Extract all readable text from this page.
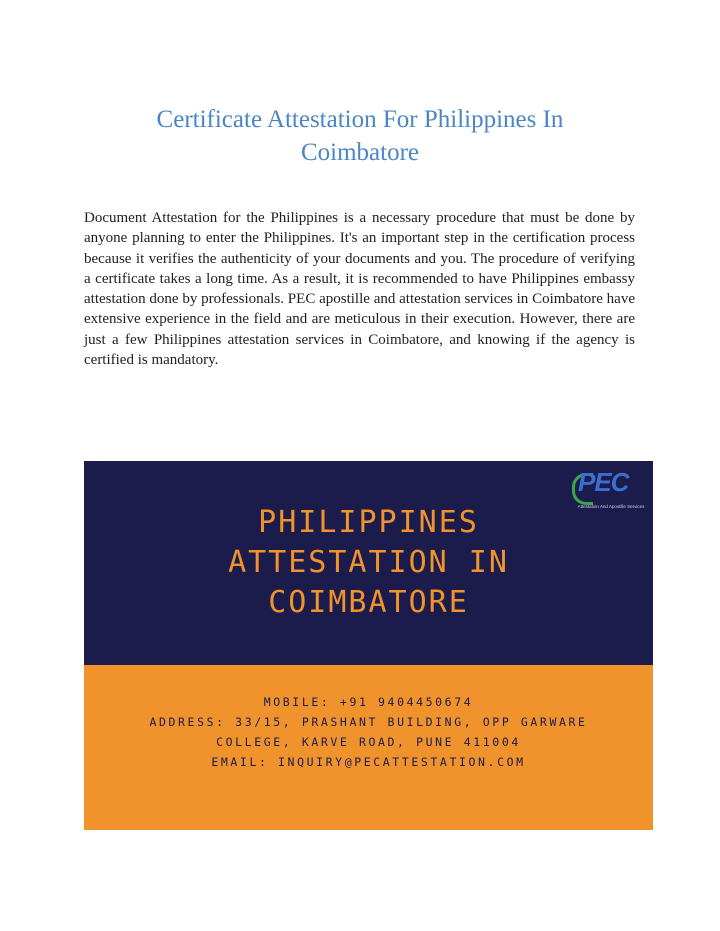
Certificate Attestation For Philippines In
Coimbatore

Document Attestation for the Philippines is a necessary procedure that must be done by anyone planning to enter the Philippines. It's an important step in the certification process because it verifies the authenticity of your documents and you. The procedure of verifying a certificate takes a long time. As a result, it is recommended to have Philippines embassy attestation done by professionals. PEC apostille and attestation services in Coimbatore have extensive experience in the field and are meticulous in their execution. However, there are just a few Philippines attestation services in Coimbatore, and knowing if the agency is certified is mandatory.

PEC
Attestation And Apostille Services

PHILIPPINES

ATTESTATION IN

COIMBATORE

MOBILE: +91 9404450674

ADDRESS: 33/15, PRASHANT BUILDING, OPP GARWARE

COLLEGE, KARVE ROAD, PUNE 411004

EMAIL: INQUIRY@PECATTESTATION.COM
